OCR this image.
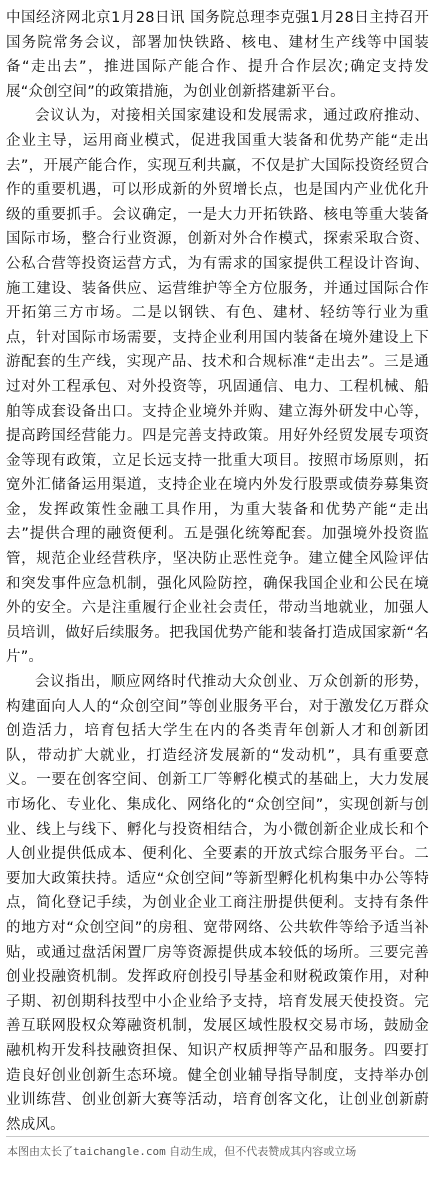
中国经济网北京1月28日讯 国务院总理李克强1月28日主持召开国务院常务会议，部署加快铁路、核电、建材生产线等中国装备“走出去”，推进国际产能合作、提升合作层次;确定支持发展“众创空间”的政策措施，为创业创新搭建新平台。

会议认为，对接相关国家建设和发展需求，通过政府推动、企业主导，运用商业模式，促进我国重大装备和优势产能“走出去”，开展产能合作，实现互利共赢，不仅是扩大国际投资经贸合作的重要机遇，可以形成新的外贸增长点，也是国内产业优化升级的重要抓手。会议确定，一是大力开拓铁路、核电等重大装备国际市场，整合行业资源，创新对外合作模式，探索采取合资、公私合营等投资运营方式，为有需求的国家提供工程设计咨询、施工建设、装备供应、运营维护等全方位服务，并通过国际合作开拓第三方市场。二是以钢铁、有色、建材、轻纺等行业为重点，针对国际市场需要，支持企业利用国内装备在境外建设上下游配套的生产线，实现产品、技术和合规标准“走出去”。三是通过对外工程承包、对外投资等，巩固通信、电力、工程机械、船舶等成套设备出口。支持企业境外并购、建立海外研发中心等，提高跨国经营能力。四是完善支持政策。用好外经贸发展专项资金等现有政策，立足长远支持一批重大项目。按照市场原则，拓宽外汇储备运用渠道，支持企业在境内外发行股票或债券募集资金，发挥政策性金融工具作用，为重大装备和优势产能“走出去”提供合理的融资便利。五是强化统筹配套。加强境外投资监管，规范企业经营秩序，坚决防止恶性竞争。建立健全风险评估和突发事件应急机制，强化风险防控，确保我国企业和公民在境外的安全。六是注重履行企业社会责任，带动当地就业，加强人员培训，做好后续服务。把我国优势产能和装备打造成国家新“名片”。

会议指出，顺应网络时代推动大众创业、万众创新的形势，构建面向人人的“众创空间”等创业服务平台，对于激发亿万群众创造活力，培育包括大学生在内的各类青年创新人才和创新团队，带动扩大就业，打造经济发展新的“发动机”，具有重要意义。一要在创客空间、创新工厂等孵化模式的基础上，大力发展市场化、专业化、集成化、网络化的“众创空间”，实现创新与创业、线上与线下、孵化与投资相结合，为小微创新企业成长和个人创业提供低成本、便利化、全要素的开放式综合服务平台。二要加大政策扶持。适应“众创空间”等新型孵化机构集中办公等特点，简化登记手续，为创业企业工商注册提供便利。支持有条件的地方对“众创空间”的房租、宽带网络、公共软件等给予适当补贴，或通过盘活闲置厂房等资源提供成本较低的场所。三要完善创业投融资机制。发挥政府创投引导基金和财税政策作用，对种子期、初创期科技型中小企业给予支持，培育发展天使投资。完善互联网股权众筹融资机制，发展区域性股权交易市场，鼓励金融机构开发科技融资担保、知识产权质押等产品和服务。四要打造良好创业创新生态环境。健全创业辅导指导制度，支持举办创业训练营、创业创新大赛等活动，培育创客文化，让创业创新蔚然成风。

本图由太长了taichangle.com 自动生成，但不代表赞成其内容或立场
